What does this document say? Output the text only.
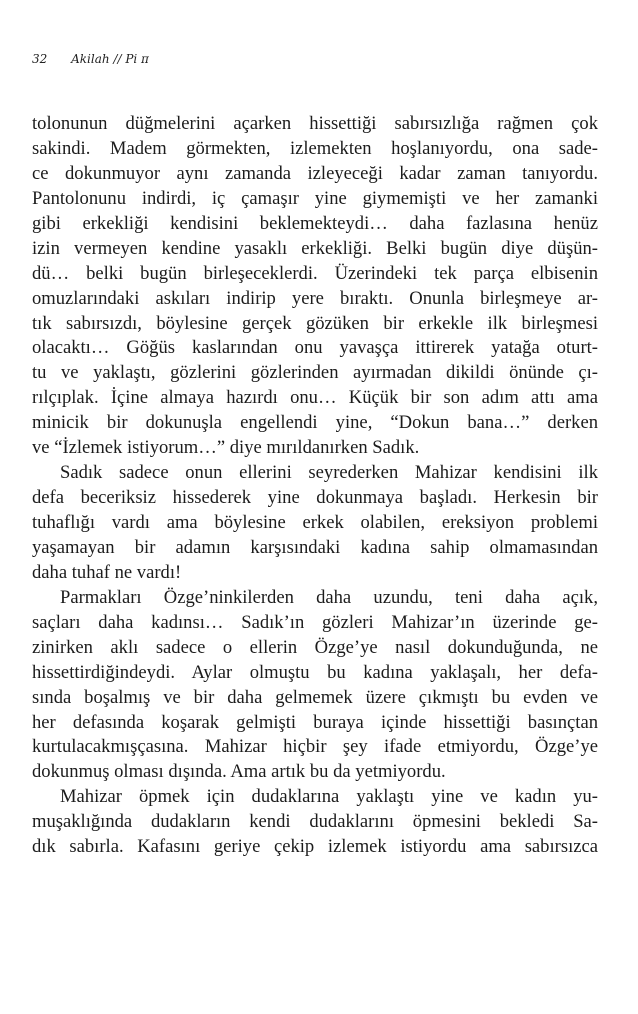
32 Akilah // Pi π
tolonunun düğmelerini açarken hissettiği sabırsızlığa rağmen çok
sakindi. Madem görmekten, izlemekten hoşlanıyordu, ona sade-
ce dokunmuyor aynı zamanda izleyeceği kadar zaman tanıyordu.
Pantolonunu indirdi, iç çamaşır yine giymemişti ve her zamanki
gibi erkekliği kendisini beklemekteydi… daha fazlasına henüz
izin vermeyen kendine yasaklı erkekliği. Belki bugün diye düşün-
dü… belki bugün birleşeceklerdi. Üzerindeki tek parça elbisenin
omuzlarındaki askıları indirip yere bıraktı. Onunla birleşmeye ar-
tık sabırsızdı, böylesine gerçek gözüken bir erkekle ilk birleşmesi
olacaktı… Göğüs kaslarından onu yavaşça ittirerek yatağa oturt-
tu ve yaklaştı, gözlerini gözlerinden ayırmadan dikildi önünde çı-
rılçıplak. İçine almaya hazırdı onu… Küçük bir son adım attı ama
minicik bir dokunuşla engellendi yine, “Dokun bana…” derken
ve “İzlemek istiyorum…” diye mırıldanırken Sadık.
Sadık sadece onun ellerini seyrederken Mahizar kendisini ilk
defa beceriksiz hissederek yine dokunmaya başladı. Herkesin bir
tuhaflığı vardı ama böylesine erkek olabilen, ereksiyon problemi
yaşamayan bir adamın karşısındaki kadına sahip olmamasından
daha tuhaf ne vardı!
Parmakları Özge’ninkilerden daha uzundu, teni daha açık,
saçları daha kadınsı… Sadık’ın gözleri Mahizar’ın üzerinde ge-
zinirken aklı sadece o ellerin Özge’ye nasıl dokunduğunda, ne
hissettirdiğindeydi. Aylar olmuştu bu kadına yaklaşalı, her defa-
sında boşalmış ve bir daha gelmemek üzere çıkmıştı bu evden ve
her defasında koşarak gelmişti buraya içinde hissettiği basınçtan
kurtulacakmışçasına. Mahizar hiçbir şey ifade etmiyordu, Özge’ye
dokunmuş olması dışında. Ama artık bu da yetmiyordu.
Mahizar öpmek için dudaklarına yaklaştı yine ve kadın yu-
muşaklığında dudakların kendi dudaklarını öpmesini bekledi Sa-
dık sabırla. Kafasını geriye çekip izlemek istiyordu ama sabırsızca
